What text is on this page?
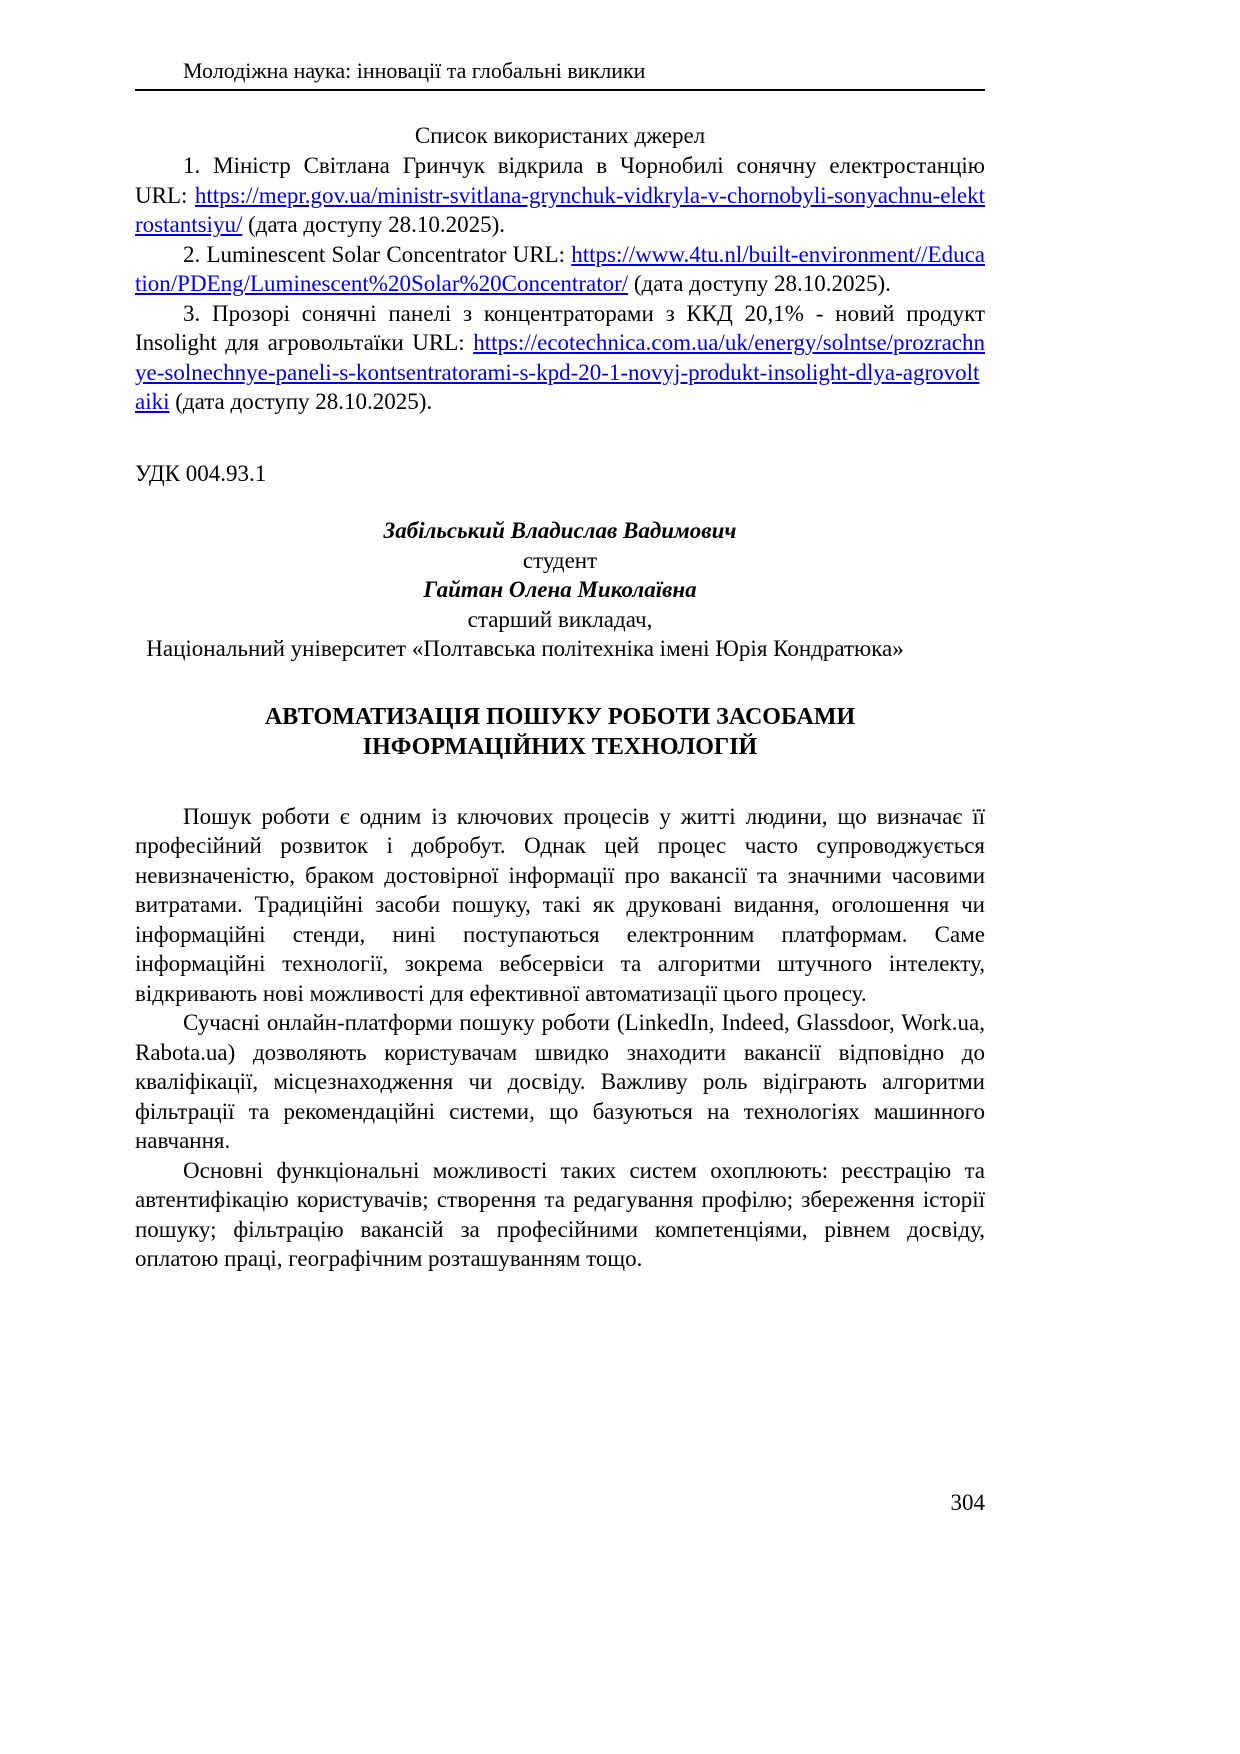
Молодіжна наука: інновації та глобальні виклики
Список використаних джерел

1. Міністр Світлана Гринчук відкрила в Чорнобилі сонячну електростанцію URL: https://mepr.gov.ua/ministr-svitlana-grynchuk-vidkryla-v-chornobyli-sonyachnu-elektrostantsiyu/ (дата доступу 28.10.2025).

2. Luminescent Solar Concentrator URL: https://www.4tu.nl/built-environment//Education/PDEng/Luminescent%20Solar%20Concentrator/ (дата доступу 28.10.2025).

3. Прозорі сонячні панелі з концентраторами з ККД 20,1% - новий продукт Insolight для агровольтаїки URL: https://ecotechnica.com.ua/uk/energy/solntse/prozrachnye-solnechnye-paneli-s-kontsentratorami-s-kpd-20-1-novyj-produkt-insolight-dlya-agrovoltaiki (дата доступу 28.10.2025).

УДК 004.93.1

Забільський Владислав Вадимович

студент

Гайтан Олена Миколаївна

старший викладач,

Національний університет «Полтавська політехніка імені Юрія Кондратюка»

АВТОМАТИЗАЦІЯ ПОШУКУ РОБОТИ ЗАСОБАМИ ІНФОРМАЦІЙНИХ ТЕХНОЛОГІЙ

Пошук роботи є одним із ключових процесів у житті людини, що визначає її професійний розвиток і добробут. Однак цей процес часто супроводжується невизначеністю, браком достовірної інформації про вакансії та значними часовими витратами. Традиційні засоби пошуку, такі як друковані видання, оголошення чи інформаційні стенди, нині поступаються електронним платформам. Саме інформаційні технології, зокрема вебсервіси та алгоритми штучного інтелекту, відкривають нові можливості для ефективної автоматизації цього процесу.

Сучасні онлайн-платформи пошуку роботи (LinkedIn, Indeed, Glassdoor, Work.ua, Rabota.ua) дозволяють користувачам швидко знаходити вакансії відповідно до кваліфікації, місцезнаходження чи досвіду. Важливу роль відіграють алгоритми фільтрації та рекомендаційні системи, що базуються на технологіях машинного навчання.

Основні функціональні можливості таких систем охоплюють: реєстрацію та автентифікацію користувачів; створення та редагування профілю; збереження історії пошуку; фільтрацію вакансій за професійними компетенціями, рівнем досвіду, оплатою праці, географічним розташуванням тощо.

304
